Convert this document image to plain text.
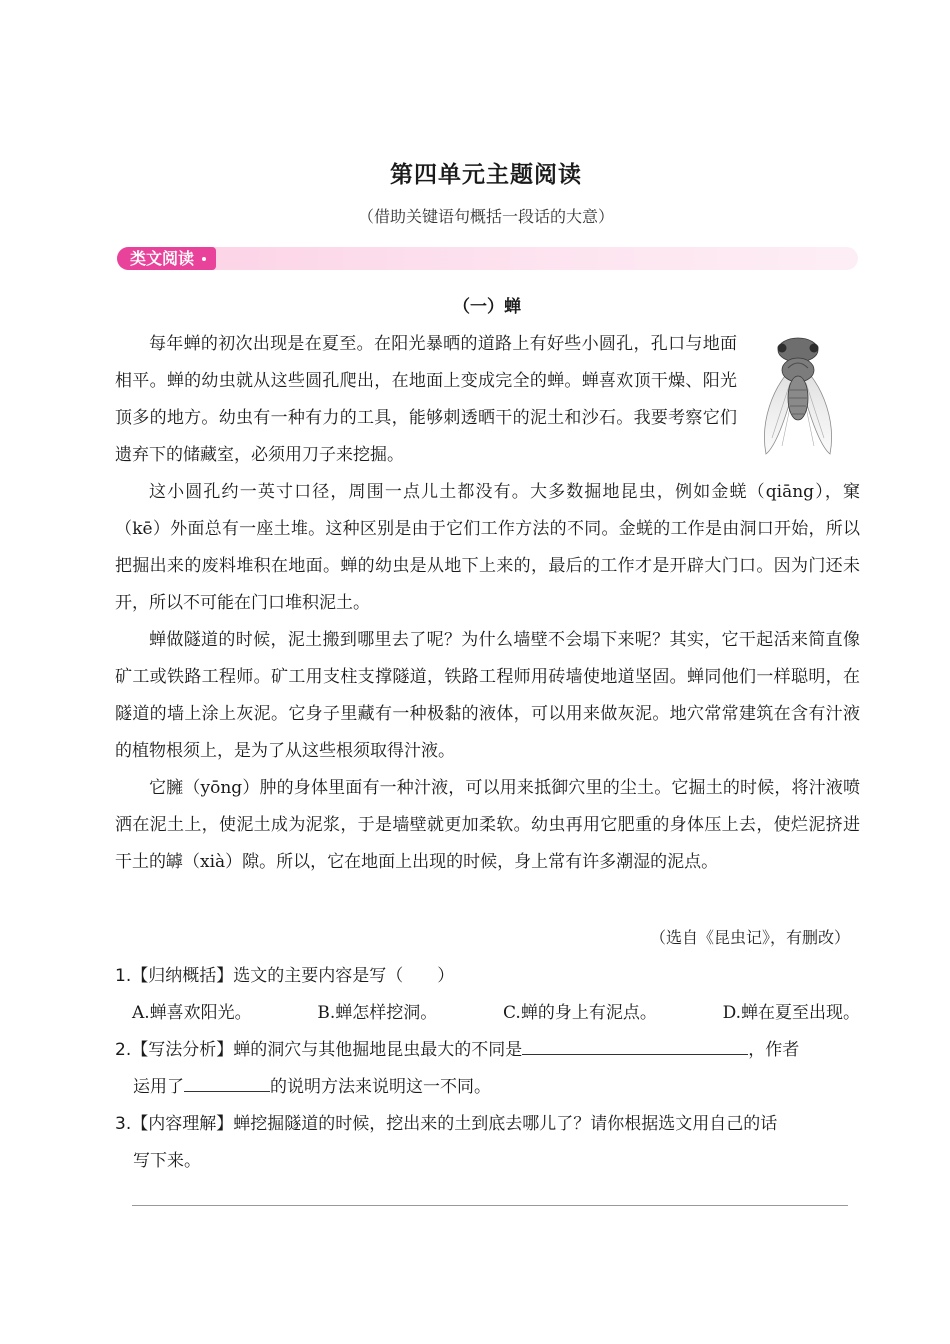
第四单元主题阅读
（借助关键语句概括一段话的大意）
类文阅读
（一）蝉

每年蝉的初次出现是在夏至。在阳光暴晒的道路上有好些小圆孔，孔口与地面相平。蝉的幼虫就从这些圆孔爬出，在地面上变成完全的蝉。蝉喜欢顶干燥、阳光顶多的地方。幼虫有一种有力的工具，能够刺透晒干的泥土和沙石。我要考察它们遗弃下的储藏室，必须用刀子来挖掘。

这小圆孔约一英寸口径，周围一点儿土都没有。大多数掘地昆虫，例如金蜣（qiāng），窠（kē）外面总有一座土堆。这种区别是由于它们工作方法的不同。金蜣的工作是由洞口开始，所以把掘出来的废料堆积在地面。蝉的幼虫是从地下上来的，最后的工作才是开辟大门口。因为门还未开，所以不可能在门口堆积泥土。

蝉做隧道的时候，泥土搬到哪里去了呢？为什么墙壁不会塌下来呢？其实，它干起活来简直像矿工或铁路工程师。矿工用支柱支撑隧道，铁路工程师用砖墙使地道坚固。蝉同他们一样聪明，在隧道的墙上涂上灰泥。它身子里藏有一种极黏的液体，可以用来做灰泥。地穴常常建筑在含有汁液的植物根须上，是为了从这些根须取得汁液。

它臃（yōng）肿的身体里面有一种汁液，可以用来抵御穴里的尘土。它掘土的时候，将汁液喷洒在泥土上，使泥土成为泥浆，于是墙壁就更加柔软。幼虫再用它肥重的身体压上去，使烂泥挤进干土的罅（xià）隙。所以，它在地面上出现的时候，身上常有许多潮湿的泥点。

（选自《昆虫记》，有删改）
1.【归纳概括】选文的主要内容是写（　　）
A.蝉喜欢阳光。	B.蝉怎样挖洞。	C.蝉的身上有泥点。	D.蝉在夏至出现。
2.【写法分析】蝉的洞穴与其他掘地昆虫最大的不同是	，作者
运用了	的说明方法来说明这一不同。
3.【内容理解】蝉挖掘隧道的时候，挖出来的土到底去哪儿了？请你根据选文用自己的话
写下来。
